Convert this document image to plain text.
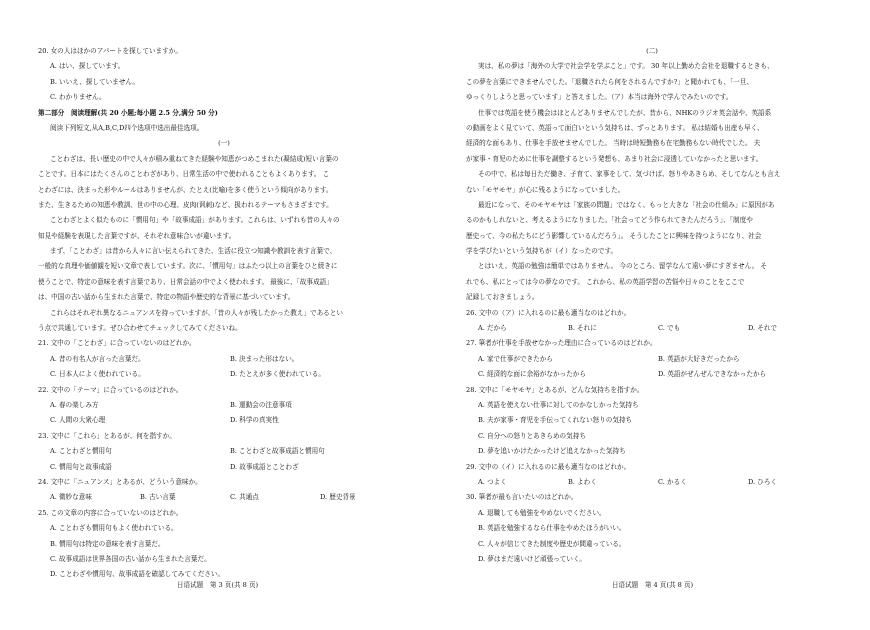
20. 女の人はほかのアパートを探していますか。
A. はい、探しています。
B. いいえ、探していません。
C. わかりません。
第二部分　阅读理解(共 20 小题;每小题 2.5 分,满分 50 分)
阅读下列短文,从A,B,C,D四个选项中选出最佳选项。
(一)
ことわざは、長い歴史の中で人々が積み重ねてきた経験や知恵がつめこまれた(凝結成)短い言葉の
ことです。日本にはたくさんのことわざがあり、日常生活の中で使われることもよくあります。 こ
とわざには、決まった形やルールはありませんが、たとえ(比喻)を多く使うという傾向があります。
また、生きるための知恵や教訓、世の中の心理、皮肉(讽刺)など、扱われるテーマもさまざまです。
ことわざとよく似たものに「慣用句」や「故事成語」があります。これらは、いずれも昔の人々の
知見や経験を表現した言葉ですが、それぞれ意味合いが違います。
まず、「ことわざ」は昔から人々に言い伝えられてきた、生活に役立つ知識や教訓を表す言葉で、
一般的な真理や価値観を短い文章で表しています。次に、「慣用句」はふたつ以上の言葉をひと続きに
使うことで、特定の意味を表す言葉であり、日常会話の中でよく使われます。 最後に、「故事成語」
は、中国の古い話から生まれた言葉で、特定の物語や歴史的な背景に基づいています。
これらはそれぞれ異なるニュアンスを持っていますが、「昔の人々が残したかった教え」であるとい
う点で共通しています。ぜひ合わせてチェックしてみてくださいね。
21. 文中の「ことわざ」に合っていないのはどれか。
A. 昔の有名人が言った言葉だ。	B. 決まった形はない。
C. 日本人によく使われている。	D. たとえが多く使われている。
22. 文中の「テーマ」に合っているのはどれか。
A. 春の楽しみ方	B. 運動会の注意事項
C. 人間の大衆心理	D. 科学の真実性
23. 文中に「これら」とあるが、何を指すか。
A. ことわざと慣用句	B. ことわざと故事成語と慣用句
C. 慣用句と故事成語	D. 故事成語とことわざ
24. 文中に「ニュアンス」とあるが、どういう意味か。
A. 微妙な意味	B. 古い言葉	C. 共通点	D. 歴史背景
25. この文章の内容に合っていないのはどれか。
A. ことわざも慣用句もよく使われている。
B. 慣用句は特定の意味を表す言葉だ。
C. 故事成語は世界各国の古い話から生まれた言葉だ。
D. ことわざや慣用句、故事成語を確認してみてください。
日语试题　第 3 页(共 8 页)
(二)
実は、私の夢は「海外の大学で社会学を学ぶこと」です。 30 年以上勤めた会社を退職するときも、
この夢を言葉にできませんでした。「退職されたら何をされるんですか?」と聞かれても、「一旦、
ゆっくりしようと思っています」と答えました。（ア）本当は海外で学んでみたいのです。
仕事では英語を使う機会はほとんどありませんでしたが、昔から、NHKのラジオ英会話や、英語系
の動画をよく見ていて、英語って面白いという気持ちは、ずっとあります。 私は結婚も出産も早く、
経済的な面もあり、仕事を手放せませんでした。 当時は時短勤務も在宅勤務もない時代でした。 夫
が家事・育児のために仕事を調整するという発想も、あまり社会に浸透していなかったと思います。
その中で、私は毎日ただ働き、子育て、家事をして、気づけば、怒りやあきらめ、そしてなんとも言え
ない「モヤモヤ」が心に残るようになっていました。
最近になって、そのモヤモヤは「家族の問題」ではなく、もっと大きな「社会の仕組み」に原因があ
るのかもしれないと、考えるようになりました。「社会ってどう作られてきたんだろう」、「制度や
歴史って、今の私たちにどう影響しているんだろう」。 そうしたことに興味を持つようになり、社会
学を学びたいという気持ちが（イ）なったのです。
とはいえ、英語の勉強は簡単ではありません。 今のところ、留学なんて遠い夢にすぎません。 そ
れでも、私にとっては今の夢なのです。 これから、私の英語学習の苦悩や日々のことをここで
記録しておきましょう。
26. 文中の（ア）に入れるのに最も適当なのはどれか。
A. だから	B. それに	C. でも	D. それで
27. 筆者が仕事を手放せなかった理由に合っているのはどれか。
A. 家で仕事ができたから	B. 英語が大好きだったから
C. 経済的な面に余裕がなかったから	D. 英語がぜんぜんできなかったから
28. 文中に「モヤモヤ」とあるが、どんな気持ちを指すか。
A. 英語を使えない仕事に対してのかなしかった気持ち
B. 夫が家事・育児を手伝ってくれない怒りの気持ち
C. 自分への怒りとあきらめの気持ち
D. 夢を追いかけたかったけど追えなかった気持ち
29. 文中の（イ）に入れるのに最も適当なのはどれか。
A. つよく	B. よわく	C. かるく	D. ひろく
30. 筆者が最も言いたいのはどれか。
A. 退職しても勉強をやめないでください。
B. 英語を勉強するなら仕事をやめたほうがいい。
C. 人々が信じてきた制度や歴史が間違っている。
D. 夢はまだ遠いけど頑張っていく。
日语试题　第 4 页(共 8 页)
